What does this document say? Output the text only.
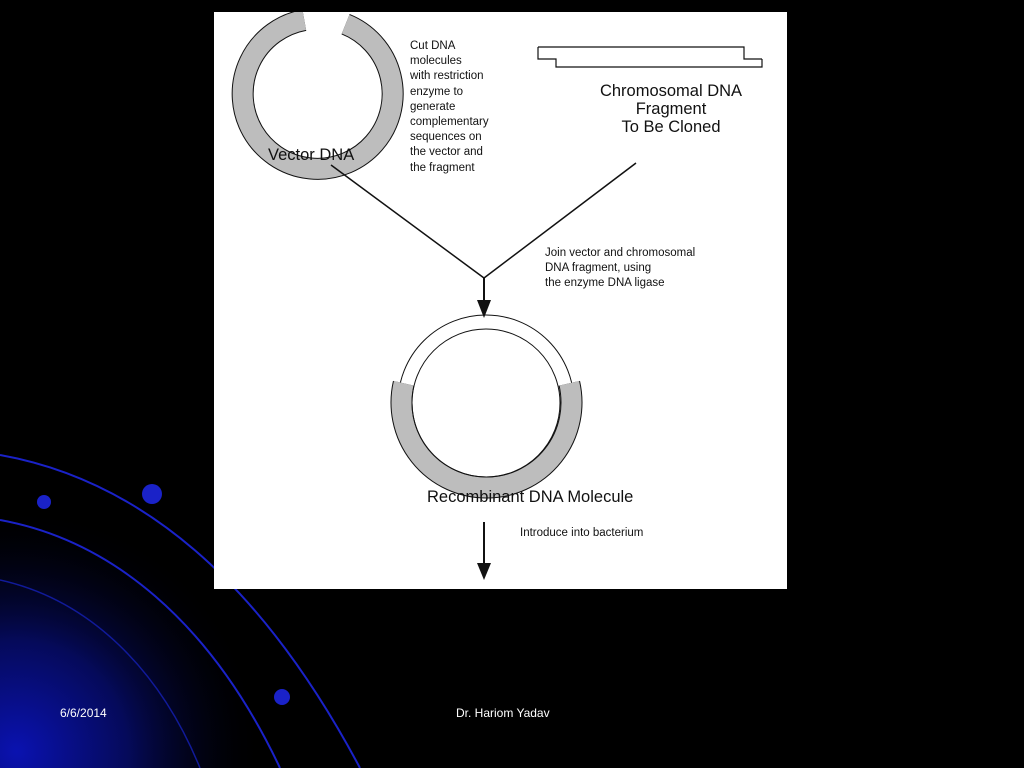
Vector DNA
Cut DNA
molecules
with restriction
enzyme to
generate
complementary
sequences on
the vector and
the fragment
Chromosomal DNA
Fragment
To Be Cloned
Join vector and chromosomal
DNA fragment, using
the enzyme DNA ligase
Recombinant DNA Molecule
Introduce into bacterium
6/6/2014	Dr. Hariom Yadav
